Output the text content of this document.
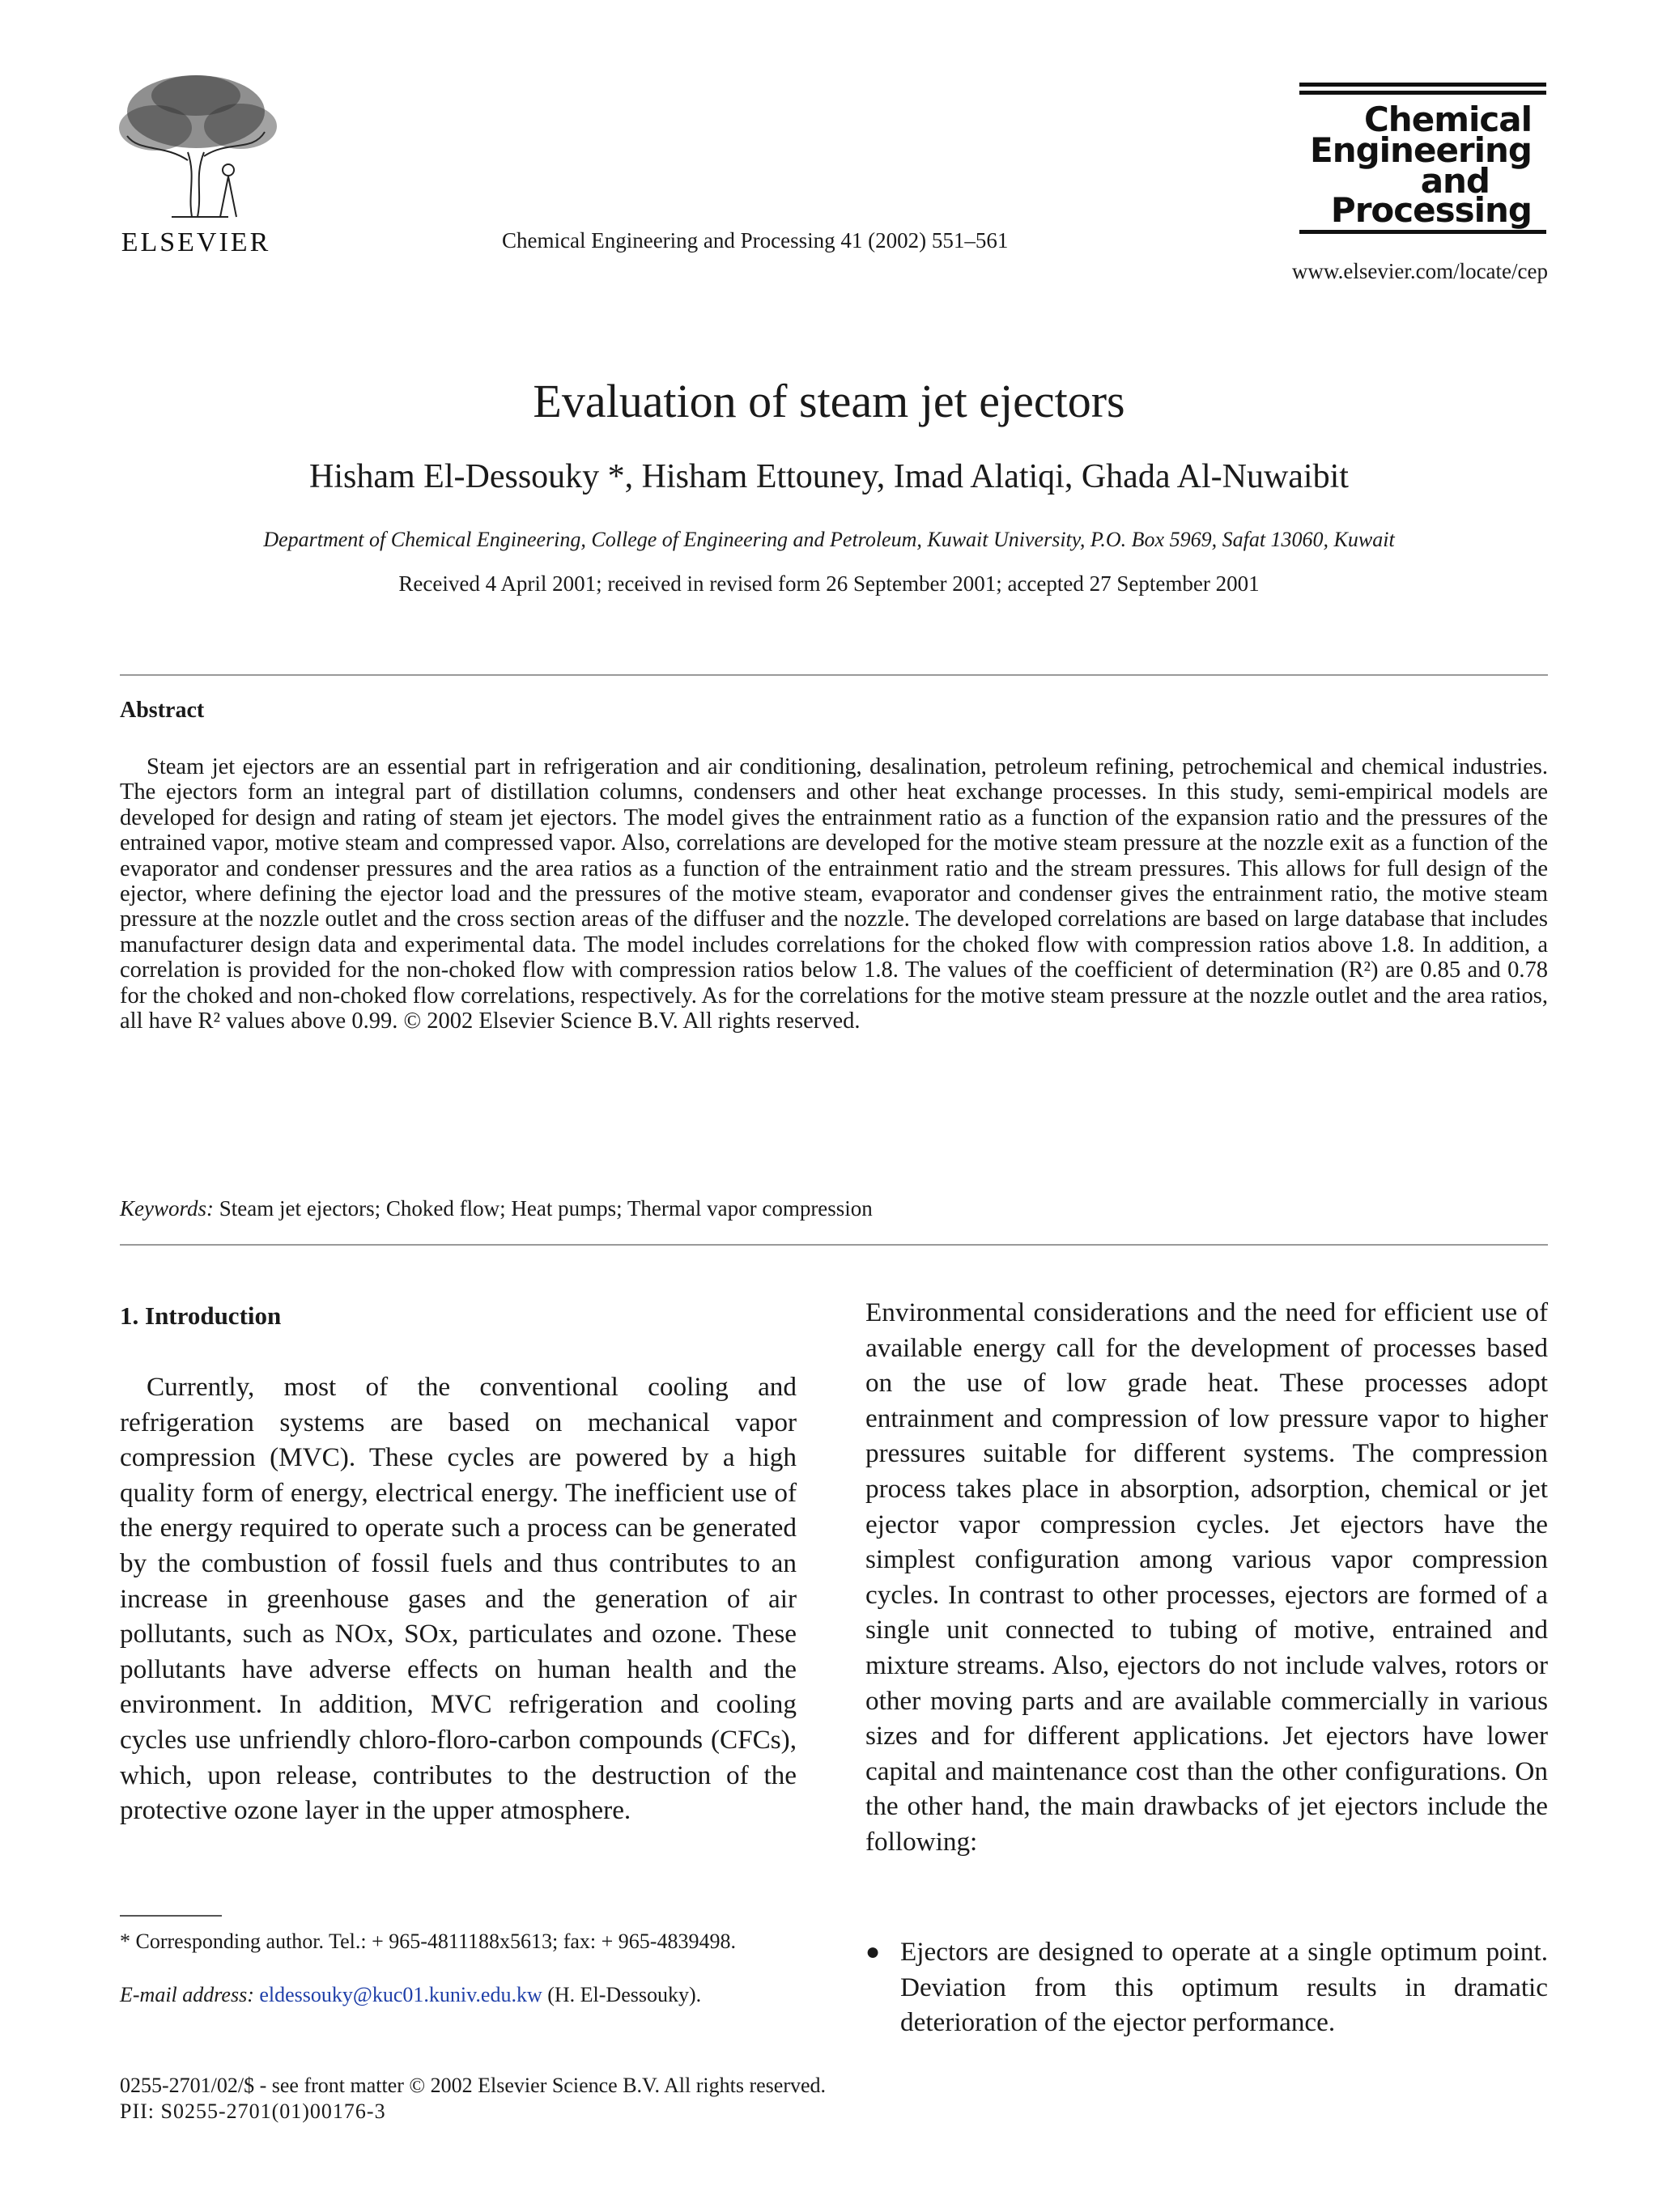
ELSEVIER	Chemical Engineering and Processing 41 (2002) 551–561
Chemical
Engineering
and
Processing
www.elsevier.com/locate/cep
Evaluation of steam jet ejectors
Hisham El-Dessouky *, Hisham Ettouney, Imad Alatiqi, Ghada Al-Nuwaibit
Department of Chemical Engineering, College of Engineering and Petroleum, Kuwait University, P.O. Box 5969, Safat 13060, Kuwait
Received 4 April 2001; received in revised form 26 September 2001; accepted 27 September 2001
Abstract
Steam jet ejectors are an essential part in refrigeration and air conditioning, desalination, petroleum refining, petrochemical and chemical industries. The ejectors form an integral part of distillation columns, condensers and other heat exchange processes. In this study, semi-empirical models are developed for design and rating of steam jet ejectors. The model gives the entrainment ratio as a function of the expansion ratio and the pressures of the entrained vapor, motive steam and compressed vapor. Also, correlations are developed for the motive steam pressure at the nozzle exit as a function of the evaporator and condenser pressures and the area ratios as a function of the entrainment ratio and the stream pressures. This allows for full design of the ejector, where defining the ejector load and the pressures of the motive steam, evaporator and condenser gives the entrainment ratio, the motive steam pressure at the nozzle outlet and the cross section areas of the diffuser and the nozzle. The developed correlations are based on large database that includes manufacturer design data and experimental data. The model includes correlations for the choked flow with compression ratios above 1.8. In addition, a correlation is provided for the non-choked flow with compression ratios below 1.8. The values of the coefficient of determination (R²) are 0.85 and 0.78 for the choked and non-choked flow correlations, respectively. As for the correlations for the motive steam pressure at the nozzle outlet and the area ratios, all have R² values above 0.99. © 2002 Elsevier Science B.V. All rights reserved.
Keywords: Steam jet ejectors; Choked flow; Heat pumps; Thermal vapor compression
1. Introduction
Currently, most of the conventional cooling and refrigeration systems are based on mechanical vapor compression (MVC). These cycles are powered by a high quality form of energy, electrical energy. The inefficient use of the energy required to operate such a process can be generated by the combustion of fossil fuels and thus contributes to an increase in greenhouse gases and the generation of air pollutants, such as NOx, SOx, particulates and ozone. These pollutants have adverse effects on human health and the environment. In addition, MVC refrigeration and cooling cycles use unfriendly chloro-floro-carbon compounds (CFCs), which, upon release, contributes to the destruction of the protective ozone layer in the upper atmosphere.
Environmental considerations and the need for efficient use of available energy call for the development of processes based on the use of low grade heat. These processes adopt entrainment and compression of low pressure vapor to higher pressures suitable for different systems. The compression process takes place in absorption, adsorption, chemical or jet ejector vapor compression cycles. Jet ejectors have the simplest configuration among various vapor compression cycles. In contrast to other processes, ejectors are formed of a single unit connected to tubing of motive, entrained and mixture streams. Also, ejectors do not include valves, rotors or other moving parts and are available commercially in various sizes and for different applications. Jet ejectors have lower capital and maintenance cost than the other configurations. On the other hand, the main drawbacks of jet ejectors include the following:
● Ejectors are designed to operate at a single optimum point. Deviation from this optimum results in dramatic deterioration of the ejector performance.
* Corresponding author. Tel.: + 965-4811188x5613; fax: + 965-4839498.
E-mail address: eldessouky@kuc01.kuniv.edu.kw (H. El-Dessouky).
0255-2701/02/$ - see front matter © 2002 Elsevier Science B.V. All rights reserved.
PII: S0255-2701(01)00176-3
